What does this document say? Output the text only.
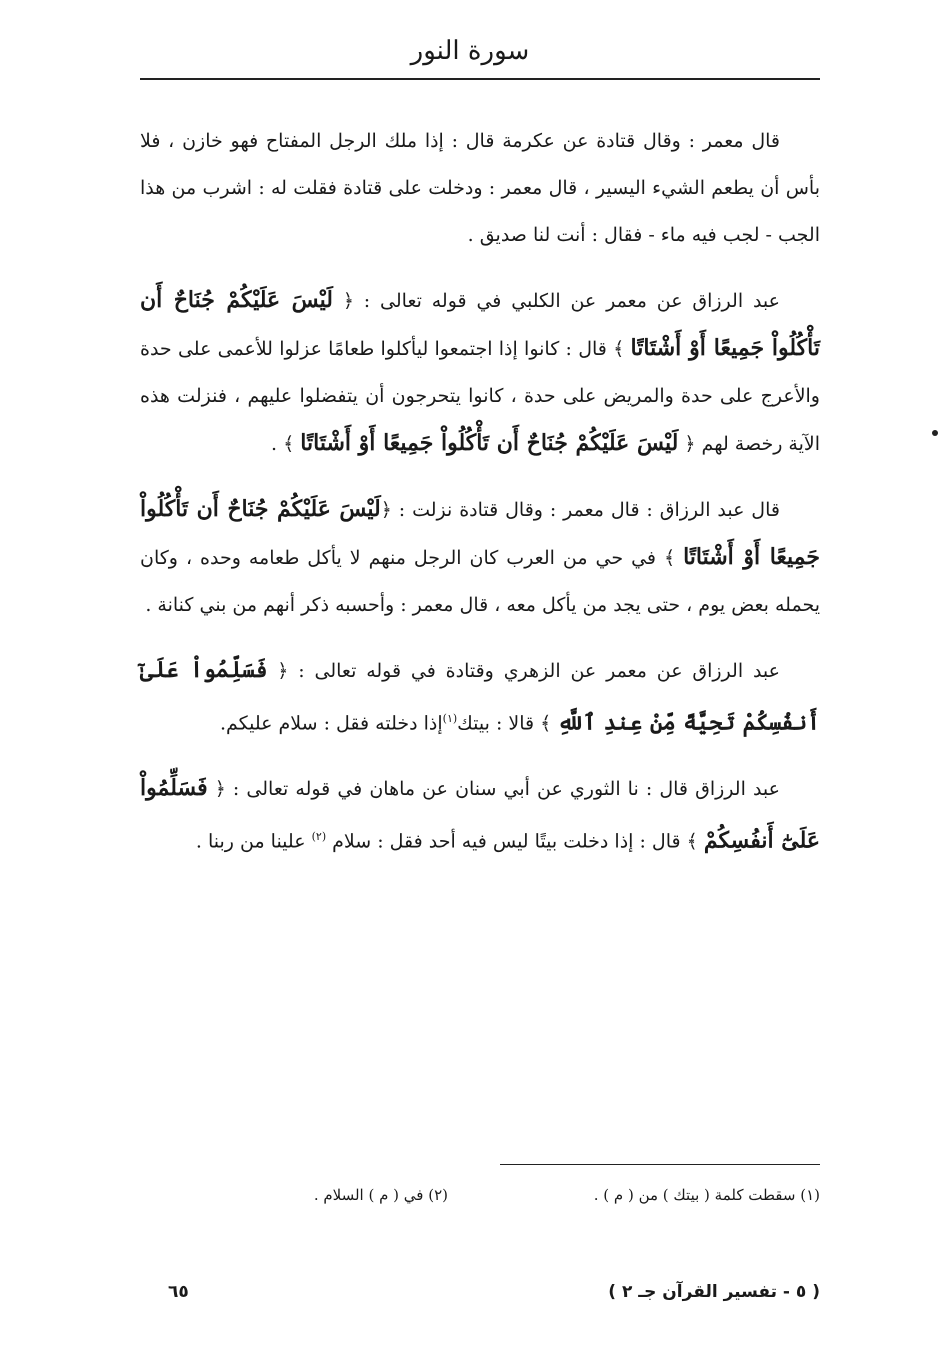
سورة النور

قال معمر : وقال قتادة عن عكرمة قال : إذا ملك الرجل المفتاح فهو خازن ، فلا بأس أن يطعم الشيء اليسير ، قال معمر : ودخلت على قتادة فقلت له : اشرب من هذا الجب - لجب فيه ماء - فقال : أنت لنا صديق .

عبد الرزاق عن معمر عن الكلبي في قوله تعالى : ﴿ لَيْسَ عَلَيْكُمْ جُنَاحٌ أَن تَأْكُلُواْ جَمِيعًا أَوْ أَشْتَاتًا ﴾ قال : كانوا إذا اجتمعوا ليأكلوا طعامًا عزلوا للأعمى على حدة والأعرج على حدة والمريض على حدة ، كانوا يتحرجون أن يتفضلوا عليهم ، فنزلت هذه الآية رخصة لهم ﴿ لَيْسَ عَلَيْكُمْ جُنَاحٌ أَن تَأْكُلُواْ جَمِيعًا أَوْ أَشْتَاتًا ﴾ .

قال عبد الرزاق : قال معمر : وقال قتادة نزلت : ﴿لَيْسَ عَلَيْكُمْ جُنَاحٌ أَن تَأْكُلُواْ جَمِيعًا أَوْ أَشْتَاتًا ﴾ في حي من العرب كان الرجل منهم لا يأكل طعامه وحده ، وكان يحمله بعض يوم ، حتى يجد من يأكل معه ، قال معمر : وأحسبه ذكر أنهم من بني كنانة .

عبد الرزاق عن معمر عن الزهري وقتادة في قوله تعالى : ﴿ فَسَلِّمُواْ عَلَىٰٓ أَنفُسِكُمْ تَحِيَّةً مِّنْ عِندِ ٱللَّهِ ﴾ قالا : بيتك$^{(١)}$إذا دخلته فقل : سلام عليكم.

عبد الرزاق قال : نا الثوري عن أبي سنان عن ماهان في قوله تعالى : ﴿ فَسَلِّمُواْ عَلَىٰٓ أَنفُسِكُمْ ﴾ قال : إذا دخلت بيتًا ليس فيه أحد فقل : سلام $^{(٢)}$ علينا من ربنا .

(١) سقطت كلمة ( بيتك ) من ( م ) .
(٢) في ( م ) السلام .
٦٥	( ٥ - تفسير القرآن جـ ٢ )
